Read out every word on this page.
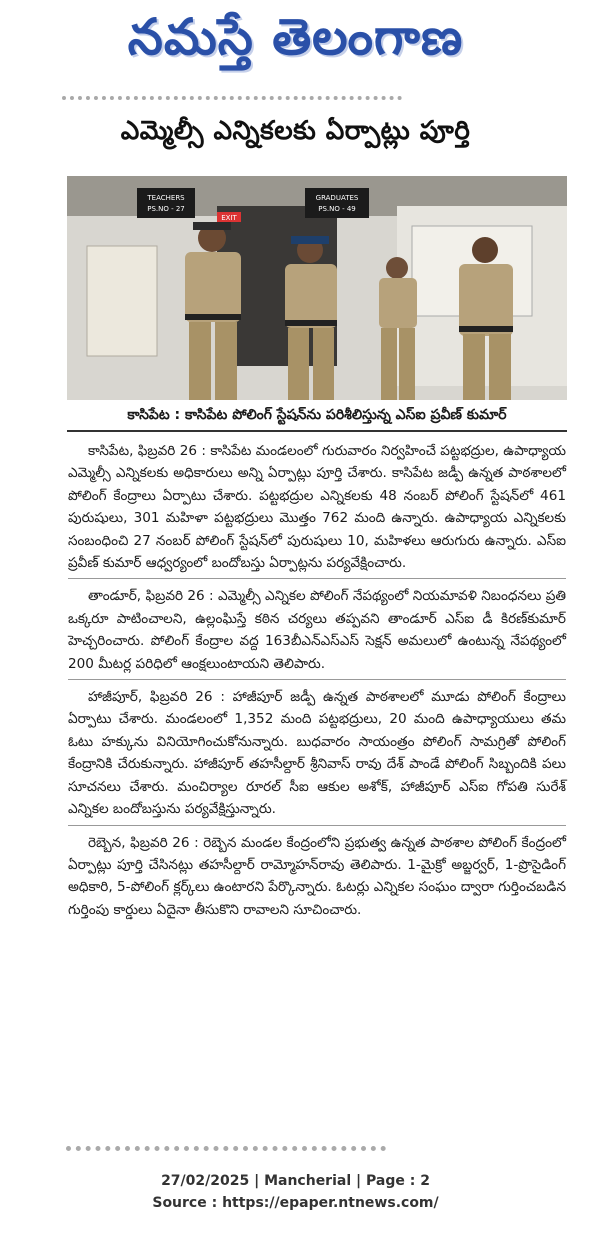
నమస్తే తెలంగాణ
ఎమ్మెల్సీ ఎన్నికలకు ఏర్పాట్లు పూర్తి
TEACHERS
PS.NO - 27
GRADUATES
PS.NO - 49
EXIT
కాసిపేట : కాసిపేట పోలింగ్ స్టేషన్‌ను పరిశీలిస్తున్న ఎస్ఐ ప్రవీణ్ కుమార్

కాసిపేట, ఫిబ్రవరి 26 : కాసిపేట మండలంలో గురువారం నిర్వహించే పట్టభద్రుల, ఉపాధ్యాయ ఎమ్మెల్సీ ఎన్నికలకు అధికారులు అన్ని ఏర్పాట్లు పూర్తి చేశారు. కాసిపేట జడ్పీ ఉన్నత పాఠశాలలో పోలింగ్ కేంద్రాలు ఏర్పాటు చేశారు. పట్టభద్రుల ఎన్నికలకు 48 నంబర్ పోలింగ్ స్టేషన్‌లో 461 పురుషులు, 301 మహిళా పట్టభద్రులు మొత్తం 762 మంది ఉన్నారు. ఉపాధ్యాయ ఎన్నికలకు సంబంధించి 27 నంబర్ పోలింగ్ స్టేషన్‌లో పురుషులు 10, మహిళలు ఆరుగురు ఉన్నారు. ఎస్ఐ ప్రవీణ్ కుమార్ ఆధ్వర్యంలో బందోబస్తు ఏర్పాట్లను పర్యవేక్షించారు.

తాండూర్, ఫిబ్రవరి 26 : ఎమ్మెల్సీ ఎన్నికల పోలింగ్ నేపథ్యంలో నియమావళి నిబంధనలు ప్రతి ఒక్కరూ పాటించాలని, ఉల్లంఘిస్తే కఠిన చర్యలు తప్పవని తాండూర్ ఎస్ఐ డీ కిరణ్‌కుమార్ హెచ్చరించారు. పోలింగ్ కేంద్రాల వద్ద 163బీఎన్ఎస్ఎస్ సెక్షన్ అమలులో ఉంటున్న నేపథ్యంలో 200 మీటర్ల పరిధిలో ఆంక్షలుంటాయని తెలిపారు.

హాజీపూర్, ఫిబ్రవరి 26 : హాజీపూర్ జడ్పీ ఉన్నత పాఠశాలలో మూడు పోలింగ్ కేంద్రాలు ఏర్పాటు చేశారు. మండలంలో 1,352 మంది పట్టభద్రులు, 20 మంది ఉపాధ్యాయులు తమ ఓటు హక్కును వినియోగించుకోనున్నారు. బుధవారం సాయంత్రం పోలింగ్ సామగ్రితో పోలింగ్ కేంద్రానికి చేరుకున్నారు. హాజీపూర్ తహసీల్దార్ శ్రీనివాస్ రావు దేశ్ పాండే పోలింగ్ సిబ్బందికి పలు సూచనలు చేశారు. మంచిర్యాల రూరల్ సీఐ ఆకుల అశోక్, హాజీపూర్ ఎస్ఐ గోపతి సురేశ్ ఎన్నికల బందోబస్తును పర్యవేక్షిస్తున్నారు.

రెబ్బెన, ఫిబ్రవరి 26 : రెబ్బెన మండల కేంద్రంలోని ప్రభుత్వ ఉన్నత పాఠశాల పోలింగ్ కేంద్రంలో ఏర్పాట్లు పూర్తి చేసినట్లు తహసీల్దార్ రామ్మోహన్‌రావు తెలిపారు. 1-మైక్రో అబ్జర్వర్, 1-ప్రొసైడింగ్ అధికారి, 5-పోలింగ్ క్లర్క్‌లు ఉంటారని పేర్కొన్నారు. ఓటర్లు ఎన్నికల సంఘం ద్వారా గుర్తించబడిన గుర్తింపు కార్డులు ఏదైనా తీసుకొని రావాలని సూచించారు.

27/02/2025 | Mancherial | Page : 2
Source : https://epaper.ntnews.com/
